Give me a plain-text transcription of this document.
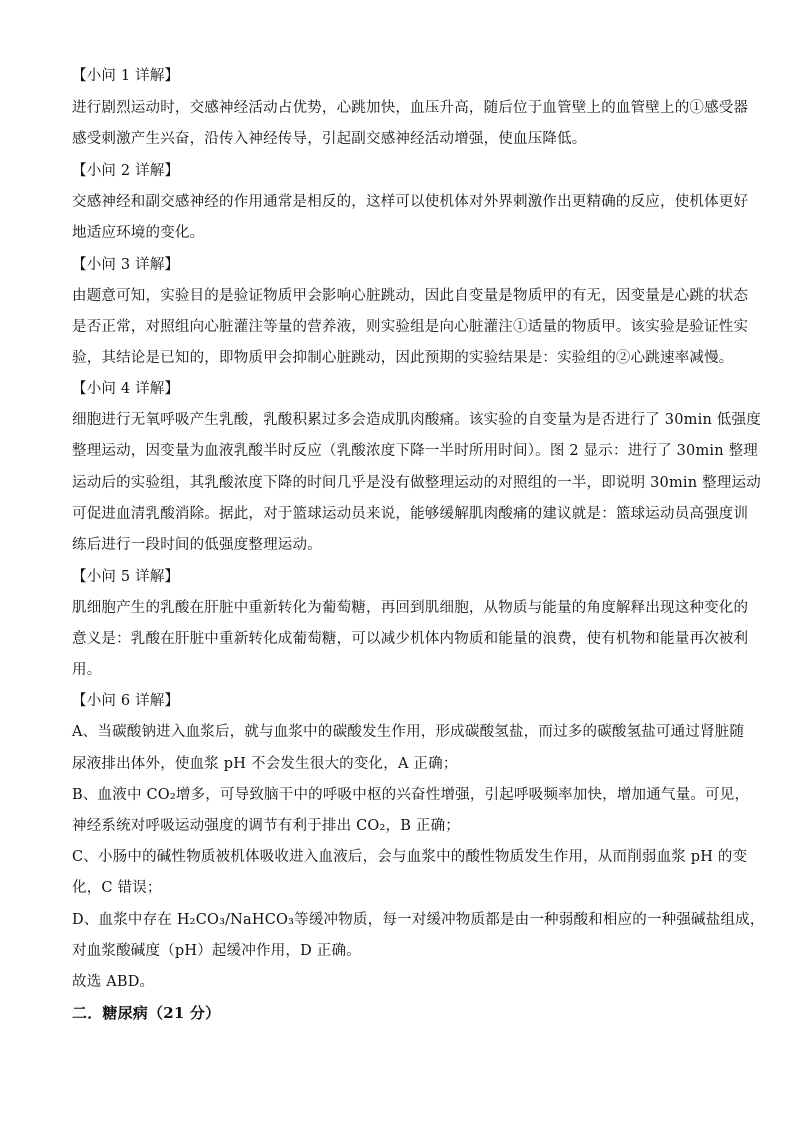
【小问 1 详解】
进行剧烈运动时，交感神经活动占优势，心跳加快，血压升高，随后位于血管壁上的血管壁上的①感受器
感受刺激产生兴奋，沿传入神经传导，引起副交感神经活动增强，使血压降低。
【小问 2 详解】
交感神经和副交感神经的作用通常是相反的，这样可以使机体对外界刺激作出更精确的反应，使机体更好
地适应环境的变化。
【小问 3 详解】
由题意可知，实验目的是验证物质甲会影响心脏跳动，因此自变量是物质甲的有无，因变量是心跳的状态
是否正常，对照组向心脏灌注等量的营养液，则实验组是向心脏灌注①适量的物质甲。该实验是验证性实
验，其结论是已知的，即物质甲会抑制心脏跳动，因此预期的实验结果是：实验组的②心跳速率减慢。
【小问 4 详解】
细胞进行无氧呼吸产生乳酸，乳酸积累过多会造成肌肉酸痛。该实验的自变量为是否进行了 30min 低强度
整理运动，因变量为血液乳酸半时反应（乳酸浓度下降一半时所用时间）。图 2 显示：进行了 30min 整理
运动后的实验组，其乳酸浓度下降的时间几乎是没有做整理运动的对照组的一半，即说明 30min 整理运动
可促进血清乳酸消除。据此，对于篮球运动员来说，能够缓解肌肉酸痛的建议就是：篮球运动员高强度训
练后进行一段时间的低强度整理运动。
【小问 5 详解】
肌细胞产生的乳酸在肝脏中重新转化为葡萄糖，再回到肌细胞，从物质与能量的角度解释出现这种变化的
意义是：乳酸在肝脏中重新转化成葡萄糖，可以减少机体内物质和能量的浪费，使有机物和能量再次被利
用。
【小问 6 详解】
A、当碳酸钠进入血浆后，就与血浆中的碳酸发生作用，形成碳酸氢盐，而过多的碳酸氢盐可通过肾脏随
尿液排出体外，使血浆 pH 不会发生很大的变化，A 正确；
B、血液中 CO₂增多，可导致脑干中的呼吸中枢的兴奋性增强，引起呼吸频率加快，增加通气量。可见，
神经系统对呼吸运动强度的调节有利于排出 CO₂，B 正确；
C、小肠中的碱性物质被机体吸收进入血液后，会与血浆中的酸性物质发生作用，从而削弱血浆 pH 的变
化，C 错误；
D、血浆中存在 H₂CO₃/NaHCO₃等缓冲物质，每一对缓冲物质都是由一种弱酸和相应的一种强碱盐组成，
对血浆酸碱度（pH）起缓冲作用，D 正确。
故选 ABD。
二．糖尿病（21 分）
